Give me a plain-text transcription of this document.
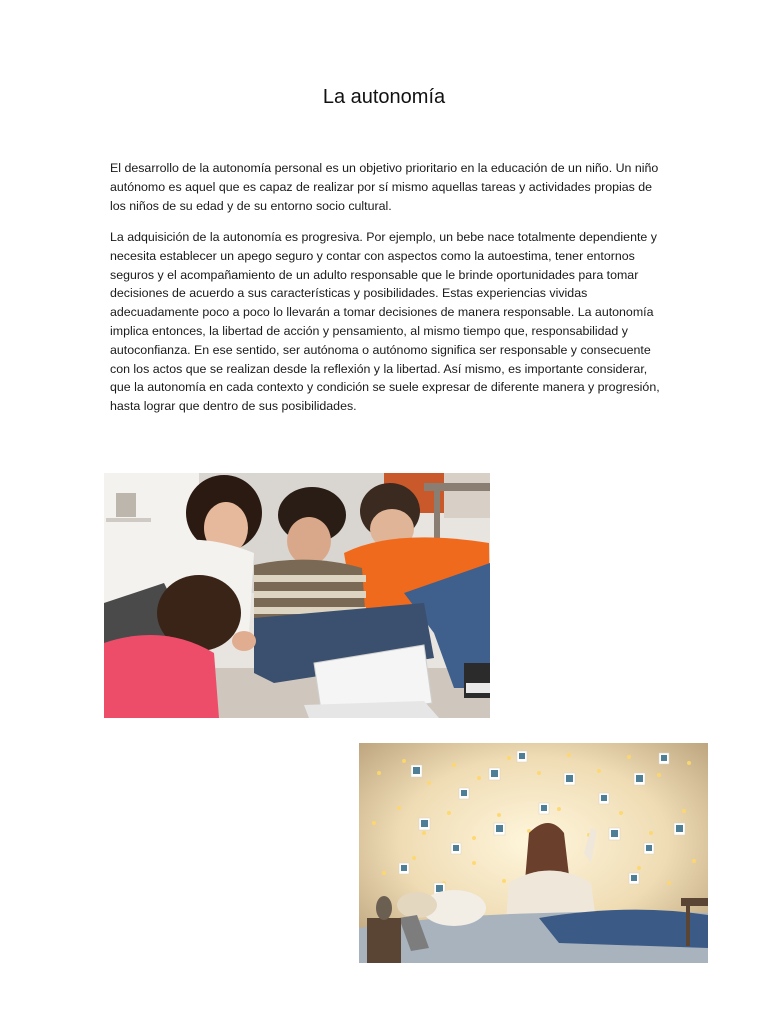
La autonomía

El desarrollo de la autonomía personal es un objetivo prioritario en la educación de un niño. Un niño autónomo es aquel que es capaz de realizar por sí mismo aquellas tareas y actividades propias de los niños de su edad y de su entorno socio cultural.

La adquisición de la autonomía es progresiva. Por ejemplo, un bebe nace totalmente dependiente y necesita establecer un apego seguro y contar con aspectos como la autoestima, tener entornos seguros y el acompañamiento de un adulto responsable que le brinde oportunidades para tomar decisiones de acuerdo a sus características y posibilidades. Estas experiencias vividas adecuadamente poco a poco lo llevarán a tomar decisiones de manera responsable. La autonomía implica entonces, la libertad de acción y pensamiento, al mismo tiempo que, responsabilidad y autoconfianza. En ese sentido, ser autónoma o autónomo significa ser responsable y consecuente con los actos que se realizan desde la reflexión y la libertad. Así mismo, es importante considerar, que la autonomía en cada contexto y condición se suele expresar de diferente manera y progresión, hasta lograr que dentro de sus posibilidades.
